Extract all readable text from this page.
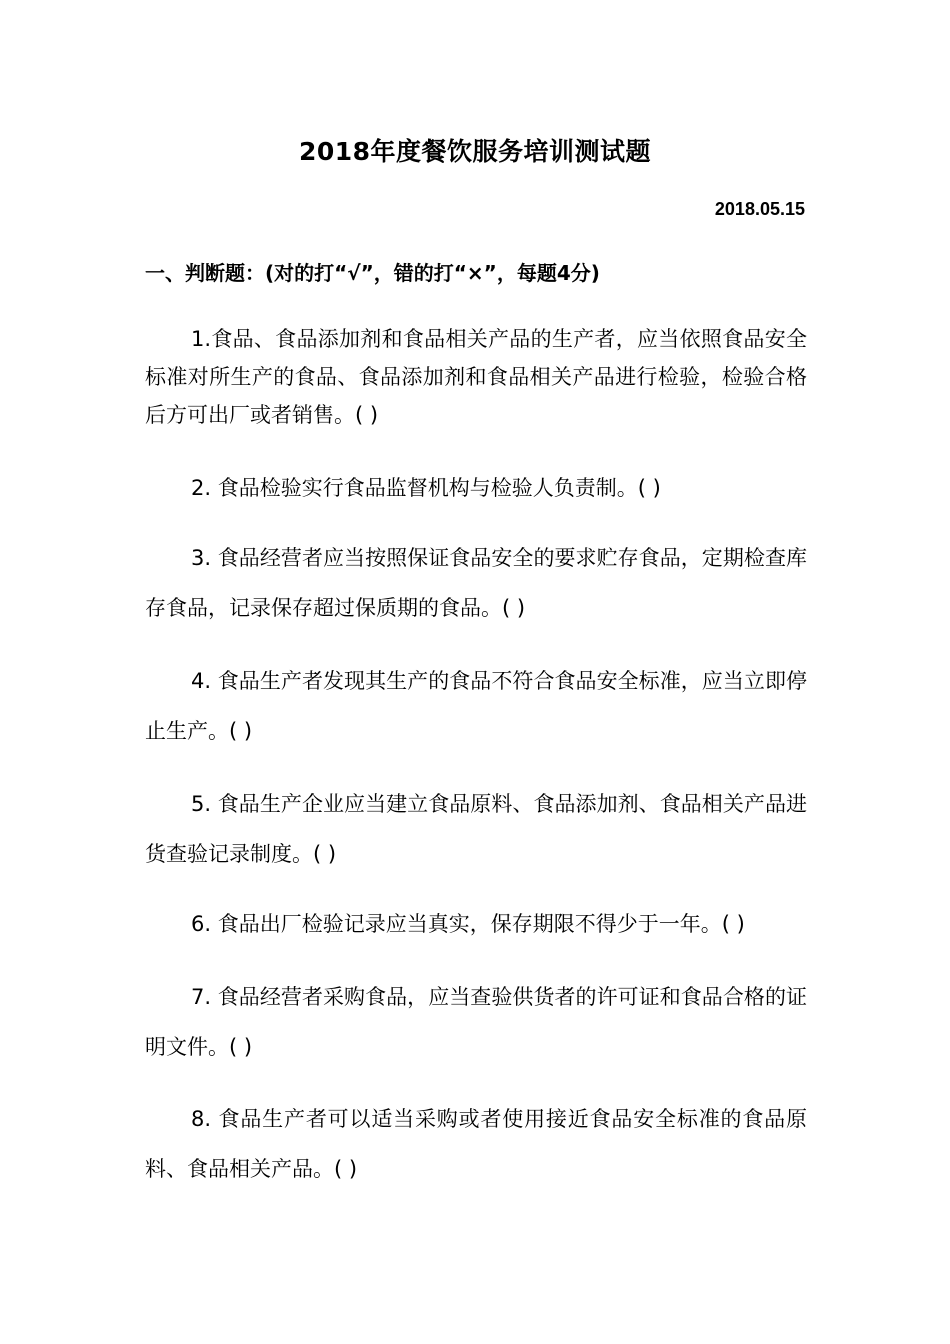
2018年度餐饮服务培训测试题
2018.05.15
一、判断题：(对的打“√”，错的打“×”，每题4分)
1.食品、食品添加剂和食品相关产品的生产者，应当依照食品安全标准对所生产的食品、食品添加剂和食品相关产品进行检验，检验合格后方可出厂或者销售。( )
2. 食品检验实行食品监督机构与检验人负责制。( )
3. 食品经营者应当按照保证食品安全的要求贮存食品，定期检查库存食品，记录保存超过保质期的食品。( )
4. 食品生产者发现其生产的食品不符合食品安全标准，应当立即停止生产。( )
5. 食品生产企业应当建立食品原料、食品添加剂、食品相关产品进货查验记录制度。( )
6. 食品出厂检验记录应当真实，保存期限不得少于一年。( )
7. 食品经营者采购食品，应当查验供货者的许可证和食品合格的证明文件。( )
8. 食品生产者可以适当采购或者使用接近食品安全标准的食品原料、食品相关产品。( )
